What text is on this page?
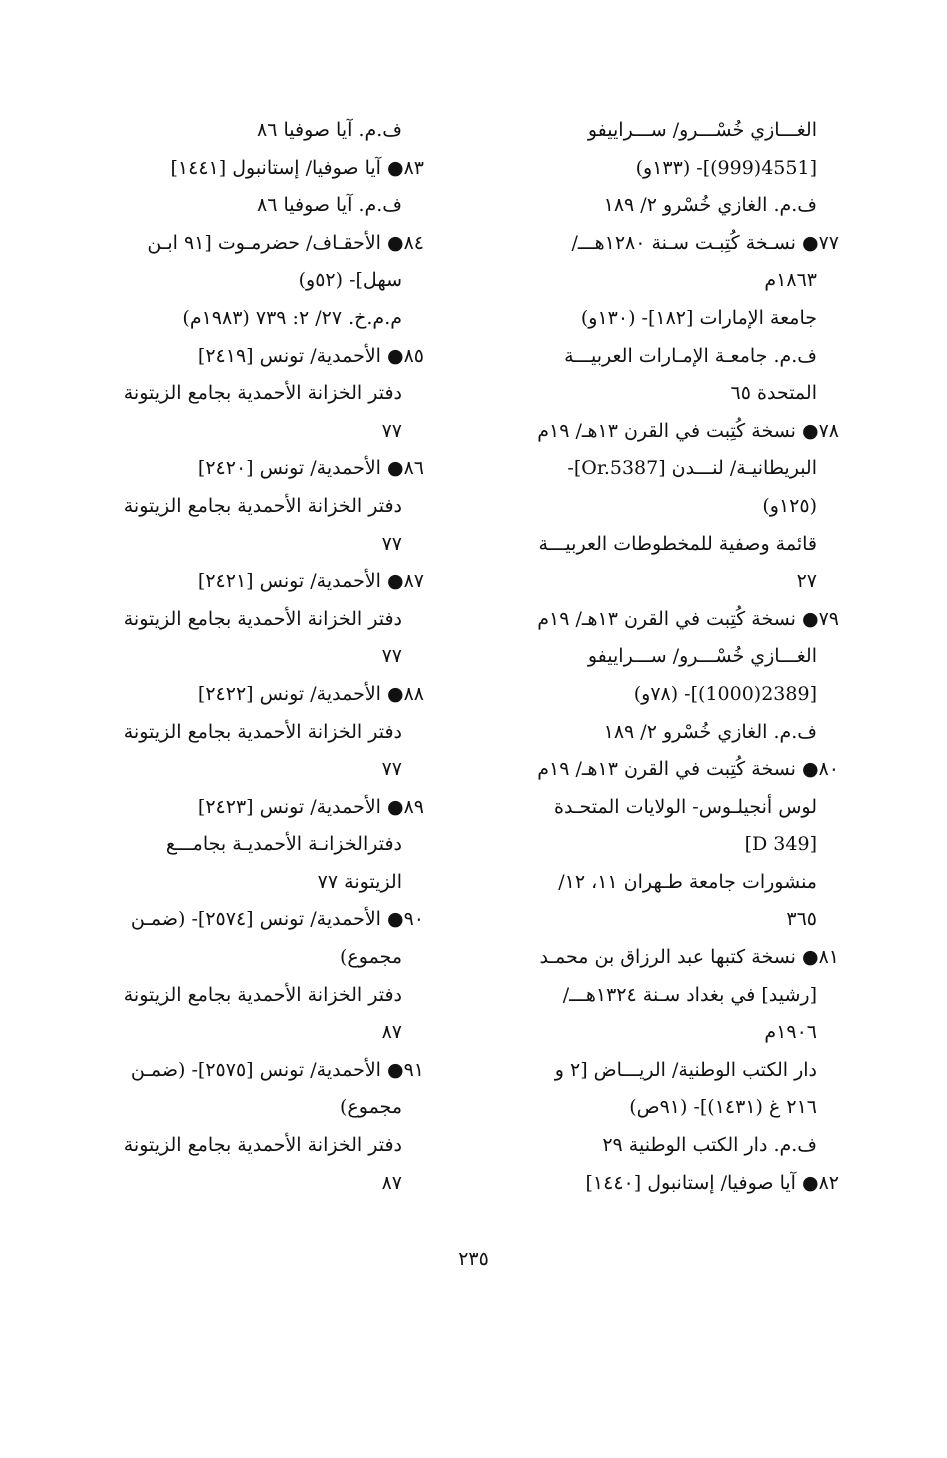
الغـــازي خُسْـــرو/ ســـراييفو
[4551(999)]- (١٣٣و)
ف.م. الغازي خُسْرو ٢/ ١٨٩
٧٧● نسـخة كُتِبـت سـنة ١٢٨٠هـــ/
١٨٦٣م
جامعة الإمارات [١٨٢]- (١٣٠و)
ف.م. جامعـة الإمـارات العربيـــة
المتحدة ٦٥
٧٨● نسخة كُتِبت في القرن ١٣هـ/ ١٩م
البريطانيـة/ لنـــدن [Or.5387]-
(١٢٥و)
قائمة وصفية للمخطوطات العربيـــة
٢٧
٧٩● نسخة كُتِبت في القرن ١٣هـ/ ١٩م
الغـــازي خُسْـــرو/ ســـراييفو
[2389(1000)]- (٧٨و)
ف.م. الغازي خُسْرو ٢/ ١٨٩
٨٠● نسخة كُتِبت في القرن ١٣هـ/ ١٩م
لوس أنجيلـوس- الولايات المتحـدة
[D 349]
منشورات جامعة طـهران ١١، ١٢/
٣٦٥
٨١● نسخة كتبها عبد الرزاق بن محمـد
[رشيد] في بغداد سـنة ١٣٢٤هـــ/
١٩٠٦م
دار الكتب الوطنية/ الريـــاض [٢ و
٢١٦ غ (١٤٣١)]- (٩١ص)
ف.م. دار الكتب الوطنية ٢٩
٨٢● آيا صوفيا/ إستانبول [١٤٤٠]
ف.م. آيا صوفيا ٨٦
٨٣● آيا صوفيا/ إستانبول [١٤٤١]
ف.م. آيا صوفيا ٨٦
٨٤● الأحقـاف/ حضرمـوت [٩١ ابـن
سهل]- (٥٢و)
م.م.خ. ٢٧/ ٢: ٧٣٩ (١٩٨٣م)
٨٥● الأحمدية/ تونس [٢٤١٩]
دفتر الخزانة الأحمدية بجامع الزيتونة
٧٧
٨٦● الأحمدية/ تونس [٢٤٢٠]
دفتر الخزانة الأحمدية بجامع الزيتونة
٧٧
٨٧● الأحمدية/ تونس [٢٤٢١]
دفتر الخزانة الأحمدية بجامع الزيتونة
٧٧
٨٨● الأحمدية/ تونس [٢٤٢٢]
دفتر الخزانة الأحمدية بجامع الزيتونة
٧٧
٨٩● الأحمدية/ تونس [٢٤٢٣]
دفترالخزانـة الأحمديـة بجامـــع
الزيتونة ٧٧
٩٠● الأحمدية/ تونس [٢٥٧٤]- (ضمـن
مجموع)
دفتر الخزانة الأحمدية بجامع الزيتونة
٨٧
٩١● الأحمدية/ تونس [٢٥٧٥]- (ضمـن
مجموع)
دفتر الخزانة الأحمدية بجامع الزيتونة
٨٧
٢٣٥
